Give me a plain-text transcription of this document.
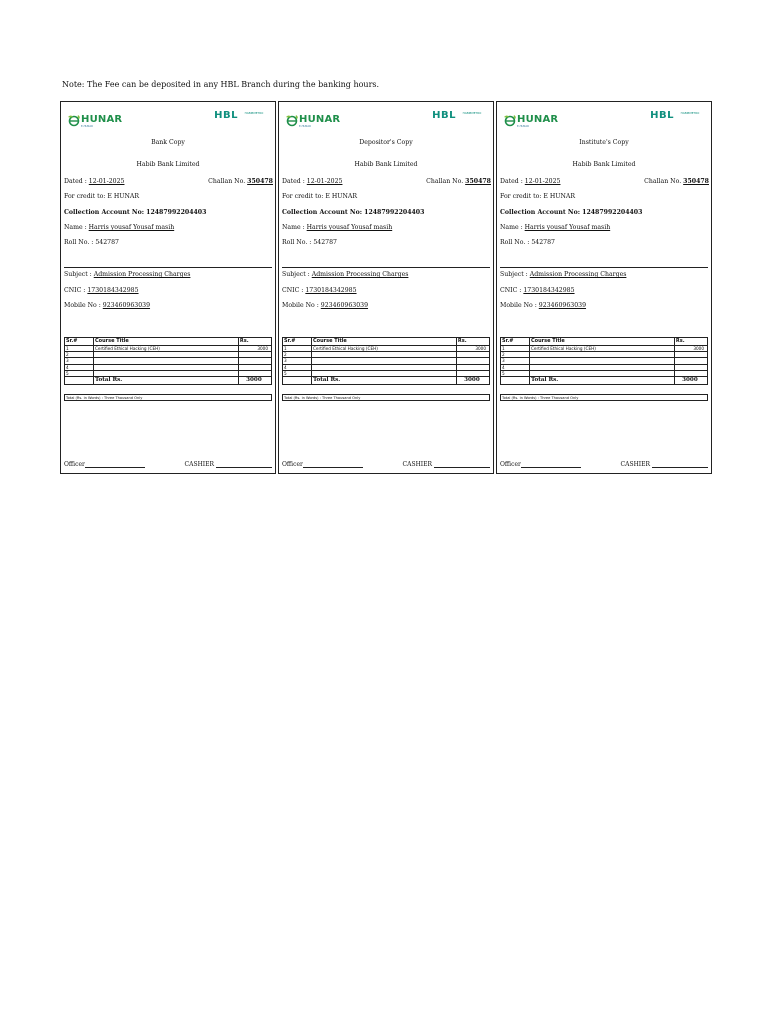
Note: The Fee can be deposited in any HBL Branch during the banking hours.
HUNAR
E-HUNAR
HBL	HABIBMETRO
Bank Copy
Habib Bank Limited
Dated : 12-01-2025	Challan No. 350478
For credit to: E HUNAR
Collection Account No: 12487992204403
Name : Harris yousaf Yousaf masih
Roll No. : 542787
Subject : Admission Processing Charges
CNIC : 1730184342985
Mobile No : 923460963039
Sr.#	Course Title	Rs.
1	Certified Ethical Hacking (CEH)	3000
2		
3		
4		
5		
	Total Rs.	3000
Total (Rs. in Words) : Three Thousand Only
Officer	CASHIER
HUNAR
E-HUNAR
HBL	HABIBMETRO
Depositor's Copy
Habib Bank Limited
Dated : 12-01-2025	Challan No. 350478
For credit to: E HUNAR
Collection Account No: 12487992204403
Name : Harris yousaf Yousaf masih
Roll No. : 542787
Subject : Admission Processing Charges
CNIC : 1730184342985
Mobile No : 923460963039
Sr.#	Course Title	Rs.
1	Certified Ethical Hacking (CEH)	3000
2		
3		
4		
5		
	Total Rs.	3000
Total (Rs. in Words) : Three Thousand Only
Officer	CASHIER
HUNAR
E-HUNAR
HBL	HABIBMETRO
Institute's Copy
Habib Bank Limited
Dated : 12-01-2025	Challan No. 350478
For credit to: E HUNAR
Collection Account No: 12487992204403
Name : Harris yousaf Yousaf masih
Roll No. : 542787
Subject : Admission Processing Charges
CNIC : 1730184342985
Mobile No : 923460963039
Sr.#	Course Title	Rs.
1	Certified Ethical Hacking (CEH)	3000
2		
3		
4		
5		
	Total Rs.	3000
Total (Rs. in Words) : Three Thousand Only
Officer	CASHIER
